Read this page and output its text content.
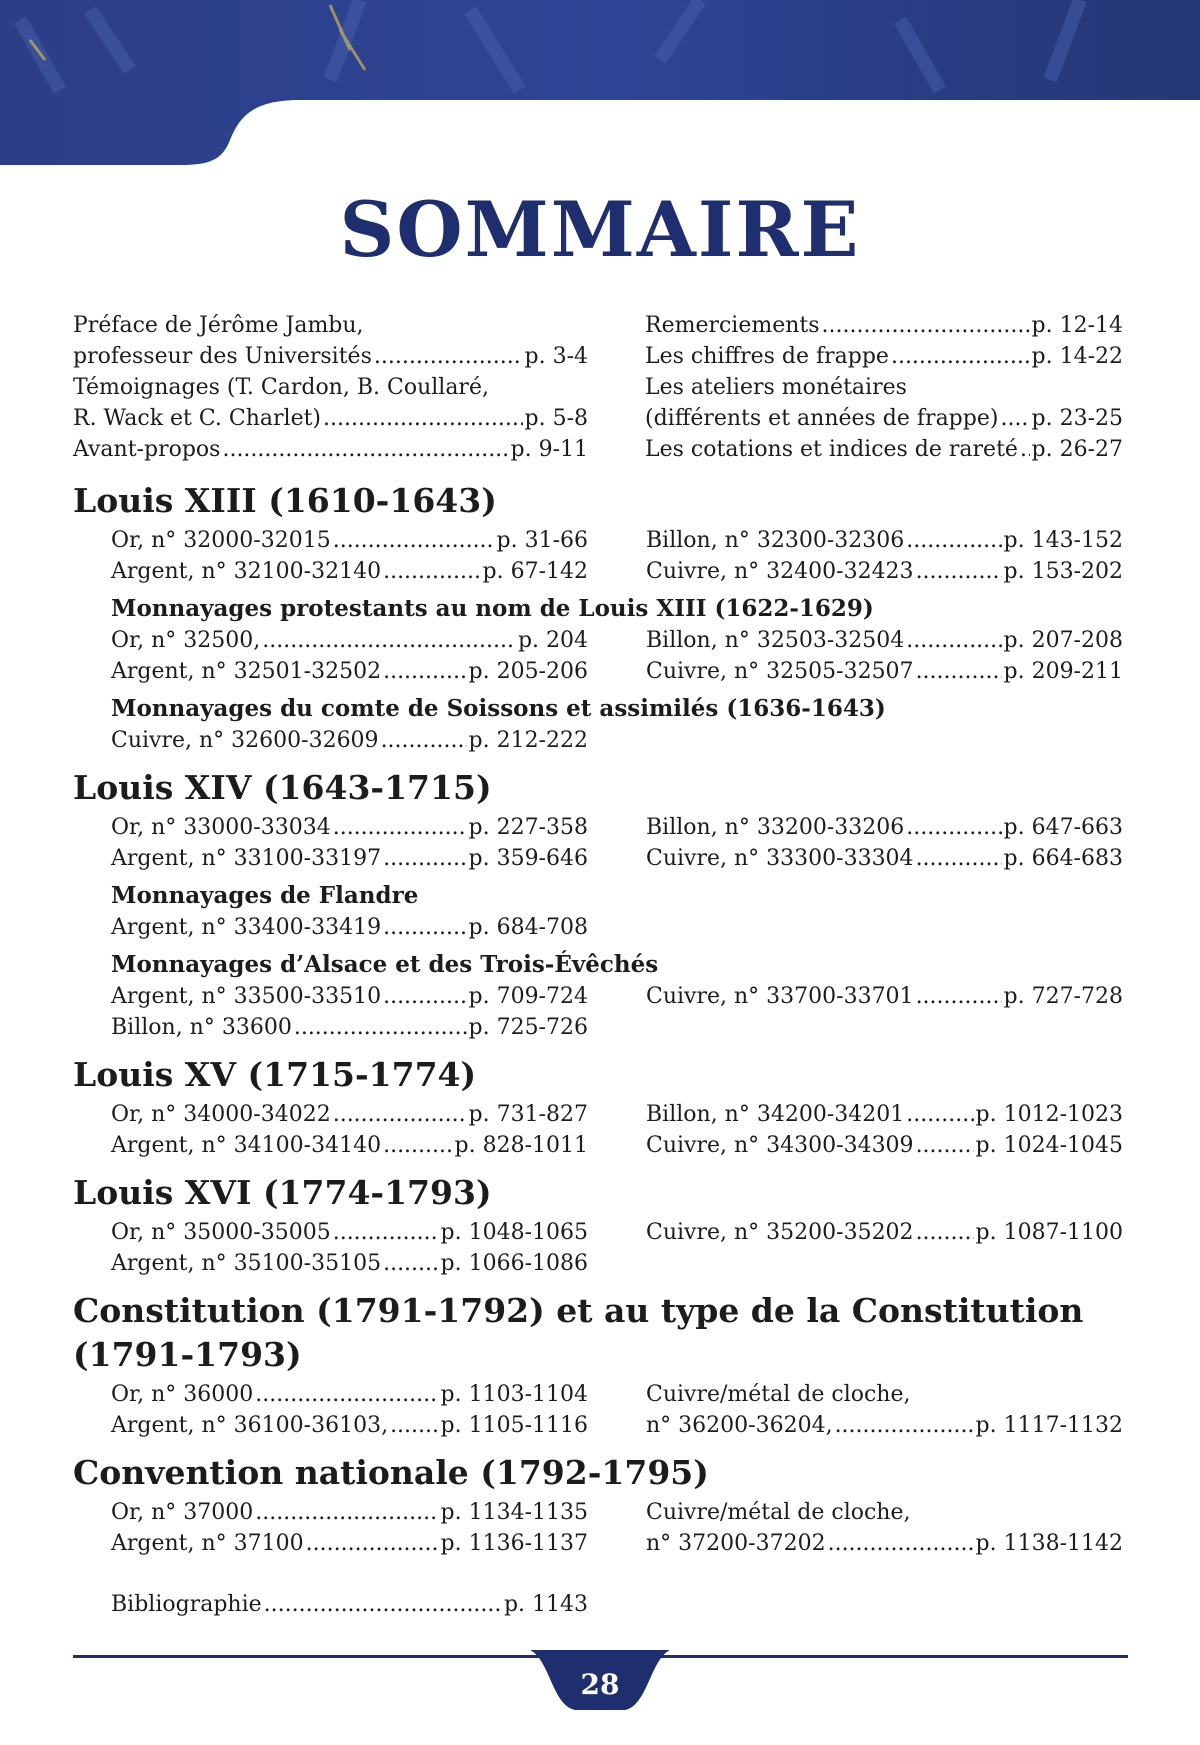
SOMMAIRE
Préface de Jérôme Jambu,
professeur des Universités .....	p. 3-4
Témoignages (T. Cardon, B. Coullaré,
R. Wack et C. Charlet) .....	p. 5-8
Avant-propos .....	p. 9-11
Remerciements .....	p. 12-14
Les chiffres de frappe .....	p. 14-22
Les ateliers monétaires
(différents et années de frappe) ..... p. 23-25
Les cotations et indices de rareté ..... p. 26-27
Louis XIII (1610-1643)
Or, n° 32000-32015 .....	p. 31-66
Argent, n° 32100-32140 .....	p. 67-142
Billon, n° 32300-32306 .....	p. 143-152
Cuivre, n° 32400-32423 .....	p. 153-202
Monnayages protestants au nom de Louis XIII (1622-1629)
Or, n° 32500, .....	p. 204
Argent, n° 32501-32502 .....	p. 205-206
Billon, n° 32503-32504 .....	p. 207-208
Cuivre, n° 32505-32507 .....	p. 209-211
Monnayages du comte de Soissons et assimilés (1636-1643)
Cuivre, n° 32600-32609 .....	p. 212-222
Louis XIV (1643-1715)
Or, n° 33000-33034 .....	p. 227-358
Argent, n° 33100-33197 .....	p. 359-646
Billon, n° 33200-33206 .....	p. 647-663
Cuivre, n° 33300-33304 .....	p. 664-683
Monnayages de Flandre
Argent, n° 33400-33419 .....	p. 684-708
Monnayages d’Alsace et des Trois-Évêchés
Argent, n° 33500-33510 .....	p. 709-724
Billon, n° 33600 .....	p. 725-726
Cuivre, n° 33700-33701 .....	p. 727-728
Louis XV (1715-1774)
Or, n° 34000-34022 .....	p. 731-827
Argent, n° 34100-34140 .....	p. 828-1011
Billon, n° 34200-34201 .....	p. 1012-1023
Cuivre, n° 34300-34309 .....	p. 1024-1045
Louis XVI (1774-1793)
Or, n° 35000-35005 .....	p. 1048-1065
Argent, n° 35100-35105 .....	p. 1066-1086
Cuivre, n° 35200-35202 .....	p. 1087-1100
Constitution (1791-1792) et au type de la Constitution (1791-1793)
Or, n° 36000 .....	p. 1103-1104
Argent, n° 36100-36103, ..... p. 1105-1116
Cuivre/métal de cloche,
n° 36200-36204, .....	p. 1117-1132
Convention nationale (1792-1795)
Or, n° 37000 .....	p. 1134-1135
Argent, n° 37100 .....	p. 1136-1137
Cuivre/métal de cloche,
n° 37200-37202 .....	p. 1138-1142
Bibliographie .....	p. 1143
28
